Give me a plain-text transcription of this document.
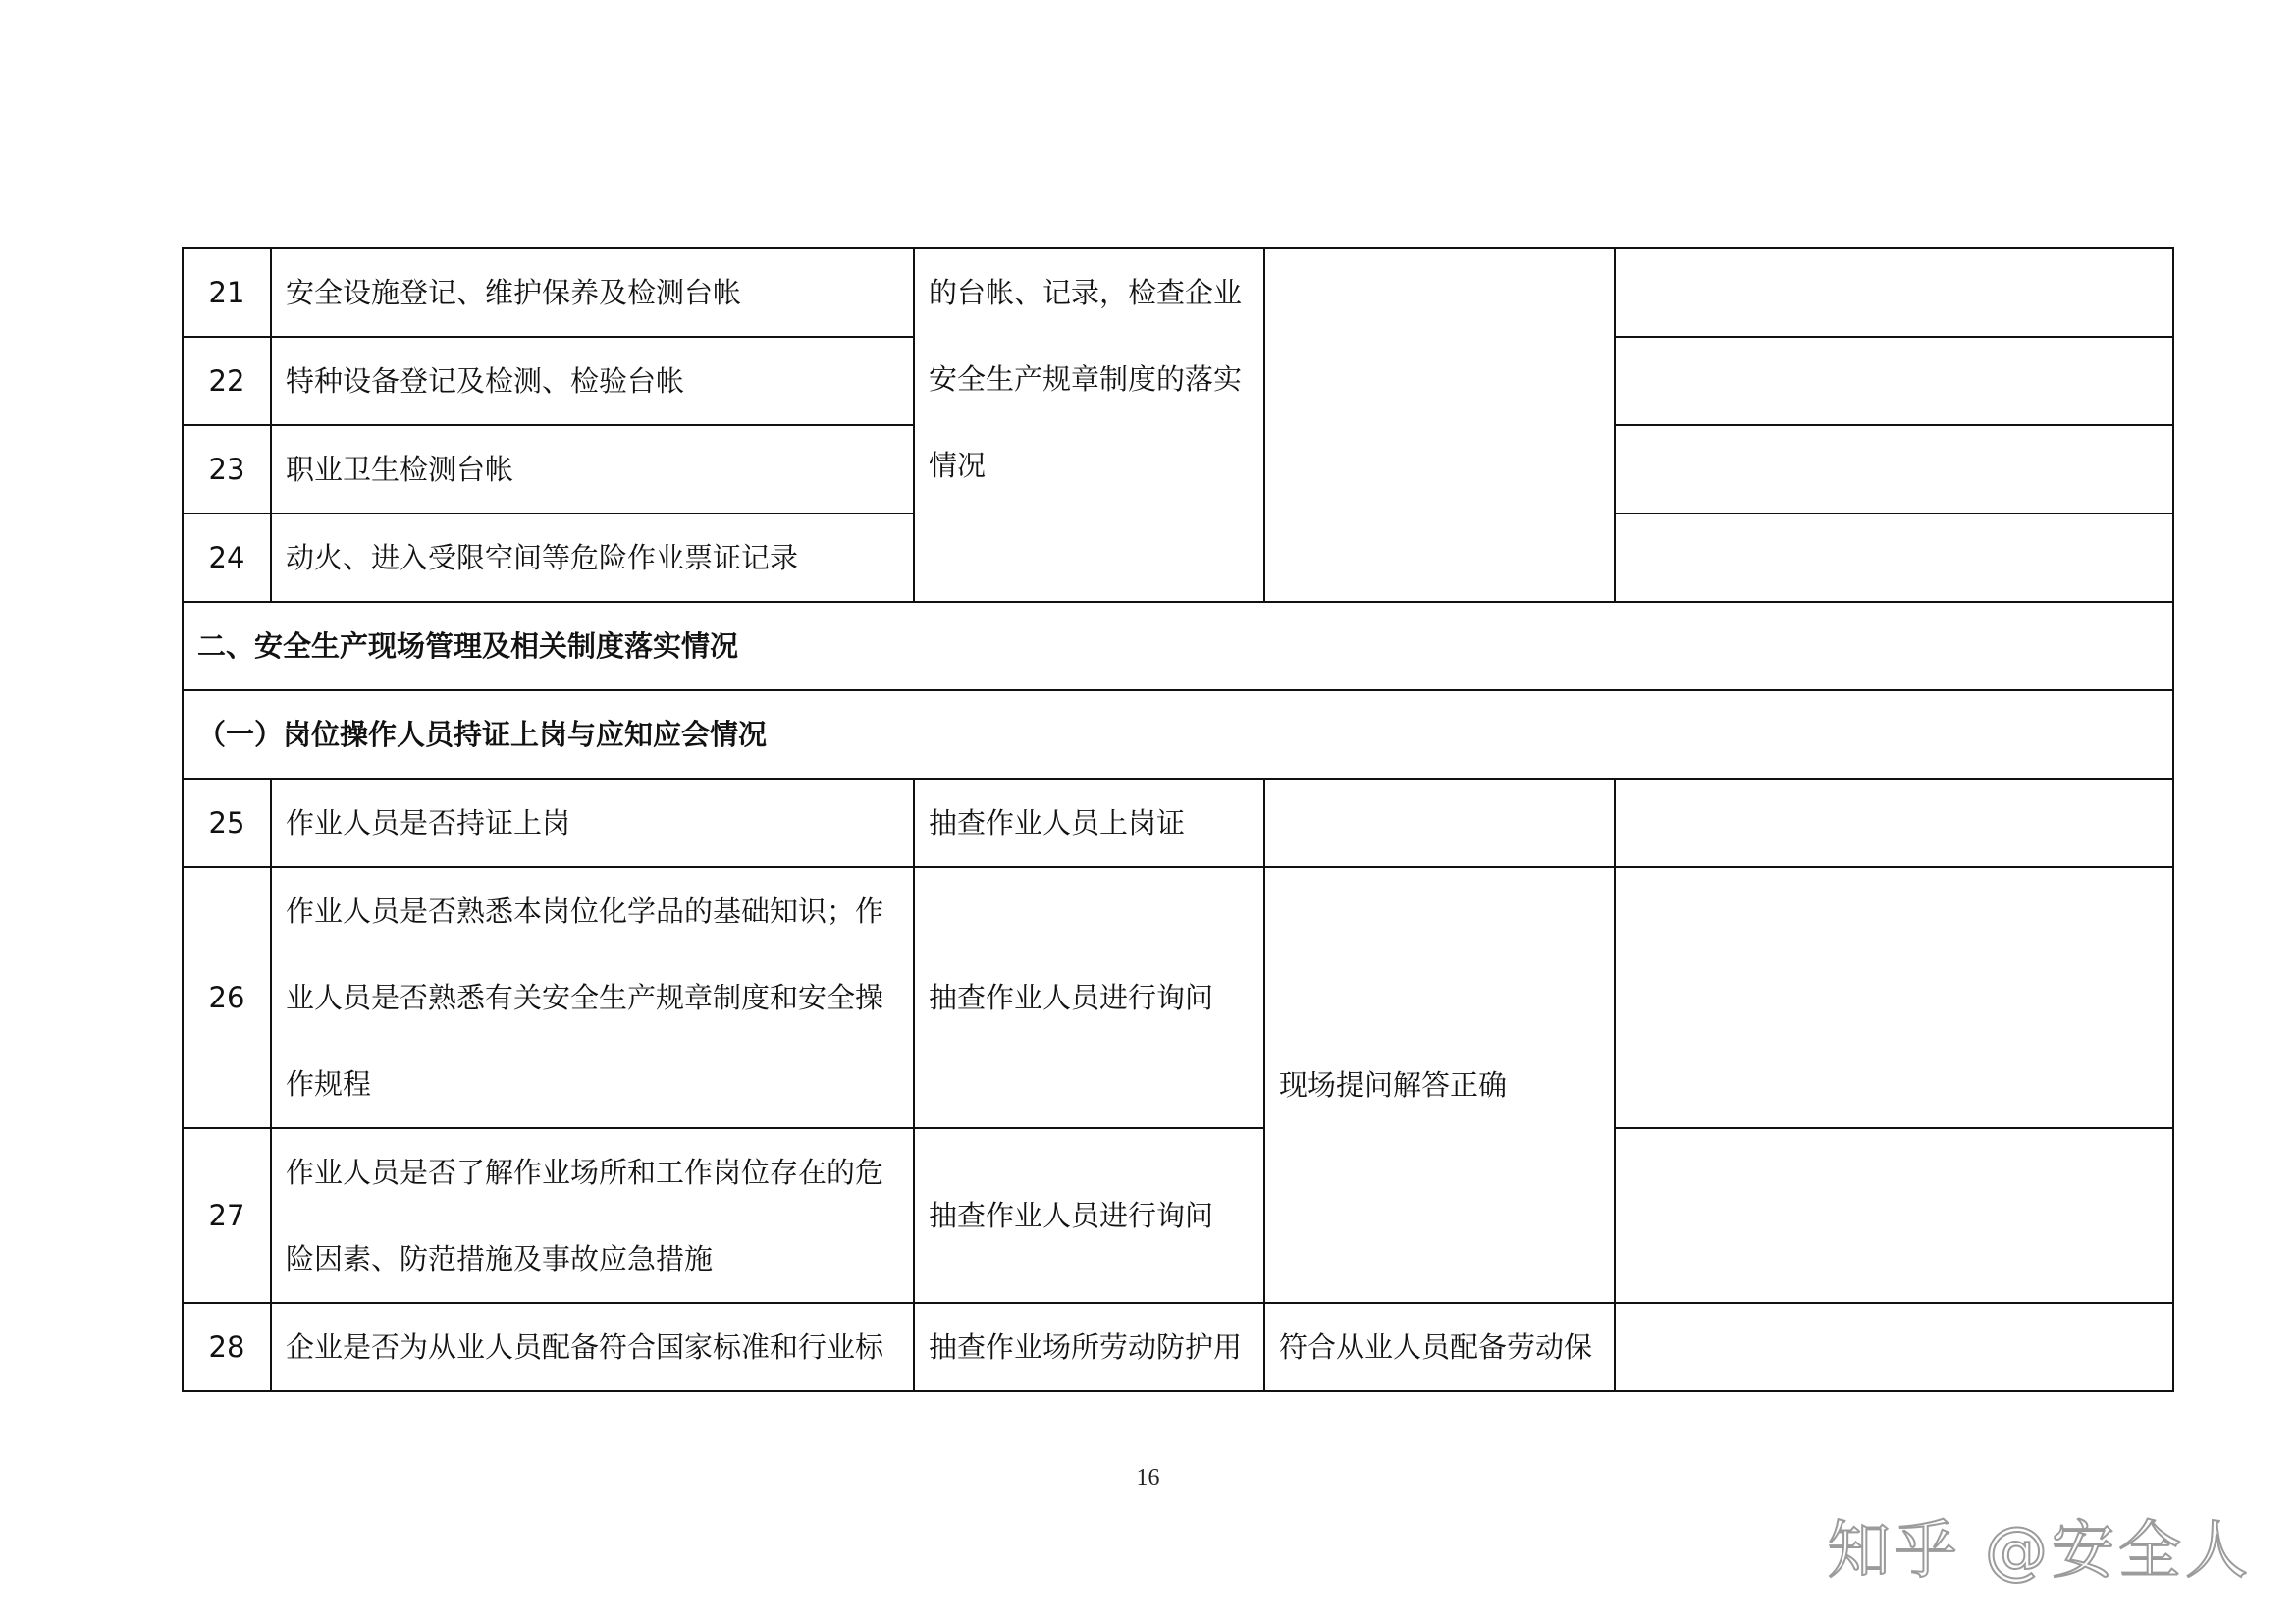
21	安全设施登记、维护保养及检测台帐	的台帐、记录，检查企业安全生产规章制度的落实情况		
22	特种设备登记及检测、检验台帐			
23	职业卫生检测台帐			
24	动火、进入受限空间等危险作业票证记录			
二、安全生产现场管理及相关制度落实情况				
（一）岗位操作人员持证上岗与应知应会情况				
25	作业人员是否持证上岗	抽查作业人员上岗证		
26	作业人员是否熟悉本岗位化学品的基础知识；作业人员是否熟悉有关安全生产规章制度和安全操作规程	抽查作业人员进行询问	现场提问解答正确	
27	作业人员是否了解作业场所和工作岗位存在的危险因素、防范措施及事故应急措施	抽查作业人员进行询问		
28	企业是否为从业人员配备符合国家标准和行业标	抽查作业场所劳动防护用	符合从业人员配备劳动保	
16
知乎 @安全人
